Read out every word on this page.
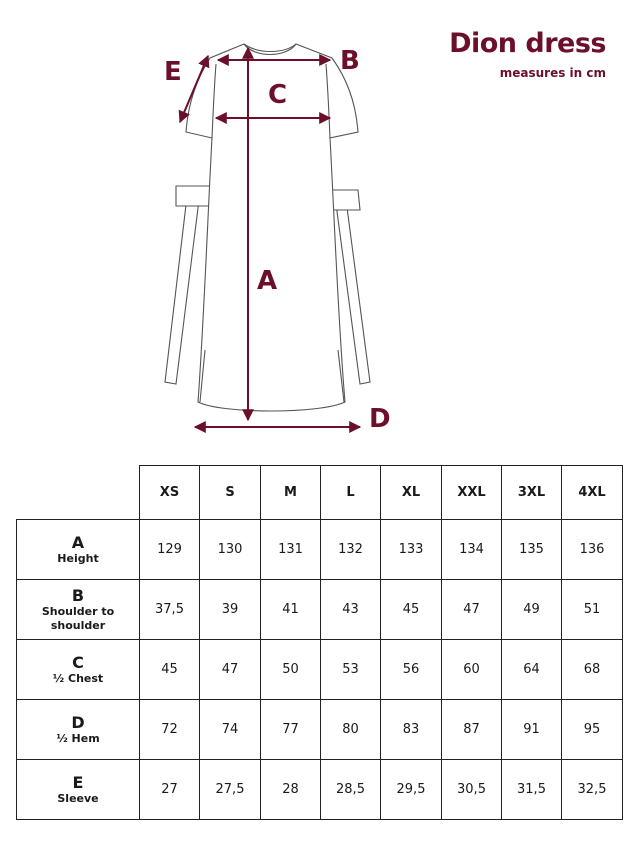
Dion dress
measures in cm
A
B
C
D
E
	XS	S	M	L	XL	XXL	3XL	4XL

A
Height	129	130	131	132	133	134	135	136

B
Shoulder to shoulder	37,5	39	41	43	45	47	49	51

C
½ Chest	45	47	50	53	56	60	64	68

D
½ Hem	72	74	77	80	83	87	91	95

E
Sleeve	27	27,5	28	28,5	29,5	30,5	31,5	32,5
